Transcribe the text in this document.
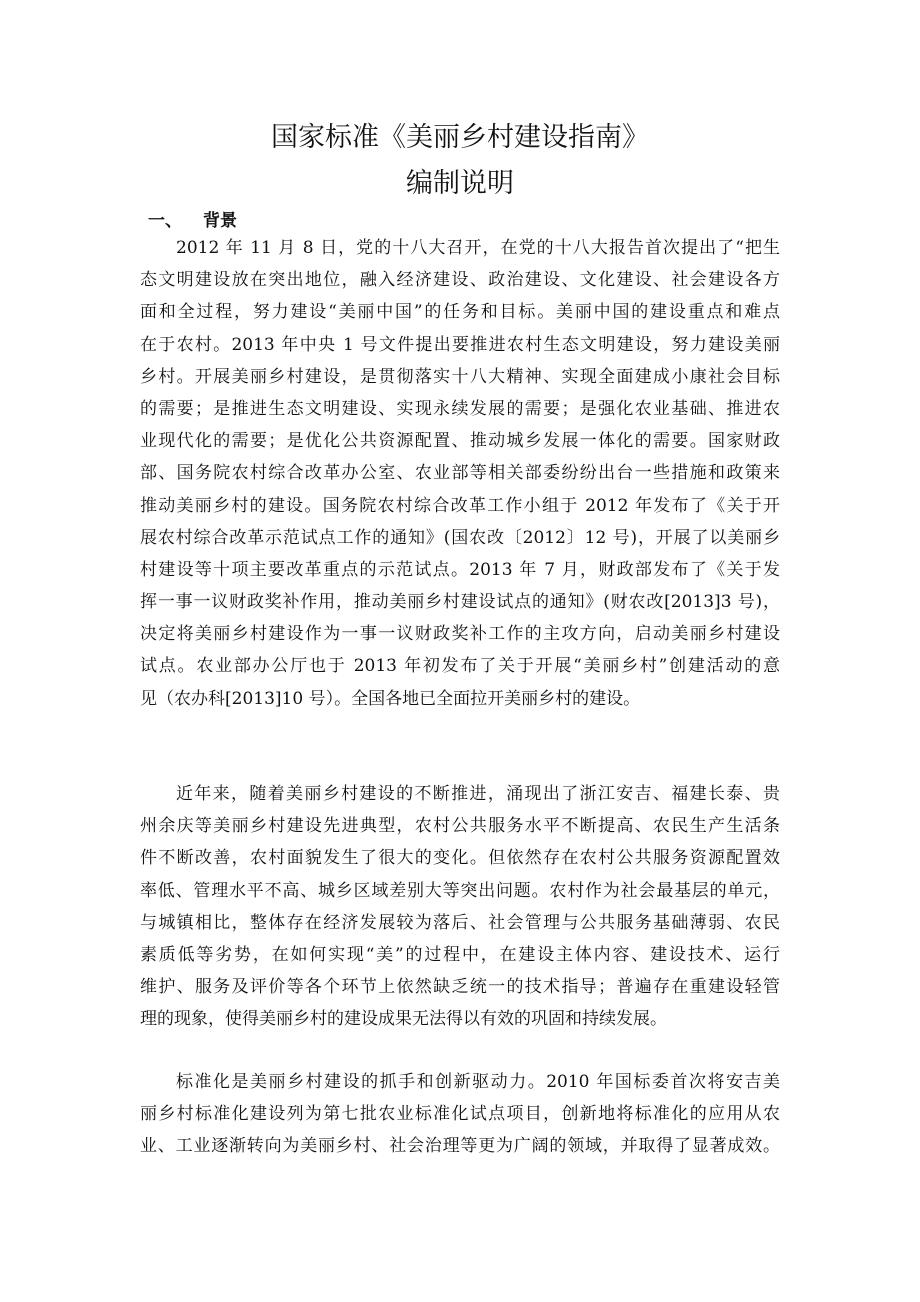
国家标准《美丽乡村建设指南》
编制说明
一、 背景
2012 年 11 月 8 日，党的十八大召开，在党的十八大报告首次提出了“把生
态文明建设放在突出地位，融入经济建设、政治建设、文化建设、社会建设各方
面和全过程，努力建设“美丽中国”的任务和目标。美丽中国的建设重点和难点
在于农村。2013 年中央 1 号文件提出要推进农村生态文明建设，努力建设美丽
乡村。开展美丽乡村建设，是贯彻落实十八大精神、实现全面建成小康社会目标
的需要；是推进生态文明建设、实现永续发展的需要；是强化农业基础、推进农
业现代化的需要；是优化公共资源配置、推动城乡发展一体化的需要。国家财政
部、国务院农村综合改革办公室、农业部等相关部委纷纷出台一些措施和政策来
推动美丽乡村的建设。国务院农村综合改革工作小组于 2012 年发布了《关于开
展农村综合改革示范试点工作的通知》(国农改〔2012〕12 号)，开展了以美丽乡
村建设等十项主要改革重点的示范试点。2013 年 7 月，财政部发布了《关于发
挥一事一议财政奖补作用，推动美丽乡村建设试点的通知》(财农改[2013]3 号)，
决定将美丽乡村建设作为一事一议财政奖补工作的主攻方向，启动美丽乡村建设
试点。农业部办公厅也于 2013 年初发布了关于开展“美丽乡村”创建活动的意
见（农办科[2013]10 号）。全国各地已全面拉开美丽乡村的建设。
近年来，随着美丽乡村建设的不断推进，涌现出了浙江安吉、福建长泰、贵
州余庆等美丽乡村建设先进典型，农村公共服务水平不断提高、农民生产生活条
件不断改善，农村面貌发生了很大的变化。但依然存在农村公共服务资源配置效
率低、管理水平不高、城乡区域差别大等突出问题。农村作为社会最基层的单元，
与城镇相比，整体存在经济发展较为落后、社会管理与公共服务基础薄弱、农民
素质低等劣势，在如何实现“美”的过程中，在建设主体内容、建设技术、运行
维护、服务及评价等各个环节上依然缺乏统一的技术指导；普遍存在重建设轻管
理的现象，使得美丽乡村的建设成果无法得以有效的巩固和持续发展。
标准化是美丽乡村建设的抓手和创新驱动力。2010 年国标委首次将安吉美
丽乡村标准化建设列为第七批农业标准化试点项目，创新地将标准化的应用从农
业、工业逐渐转向为美丽乡村、社会治理等更为广阔的领域，并取得了显著成效。
